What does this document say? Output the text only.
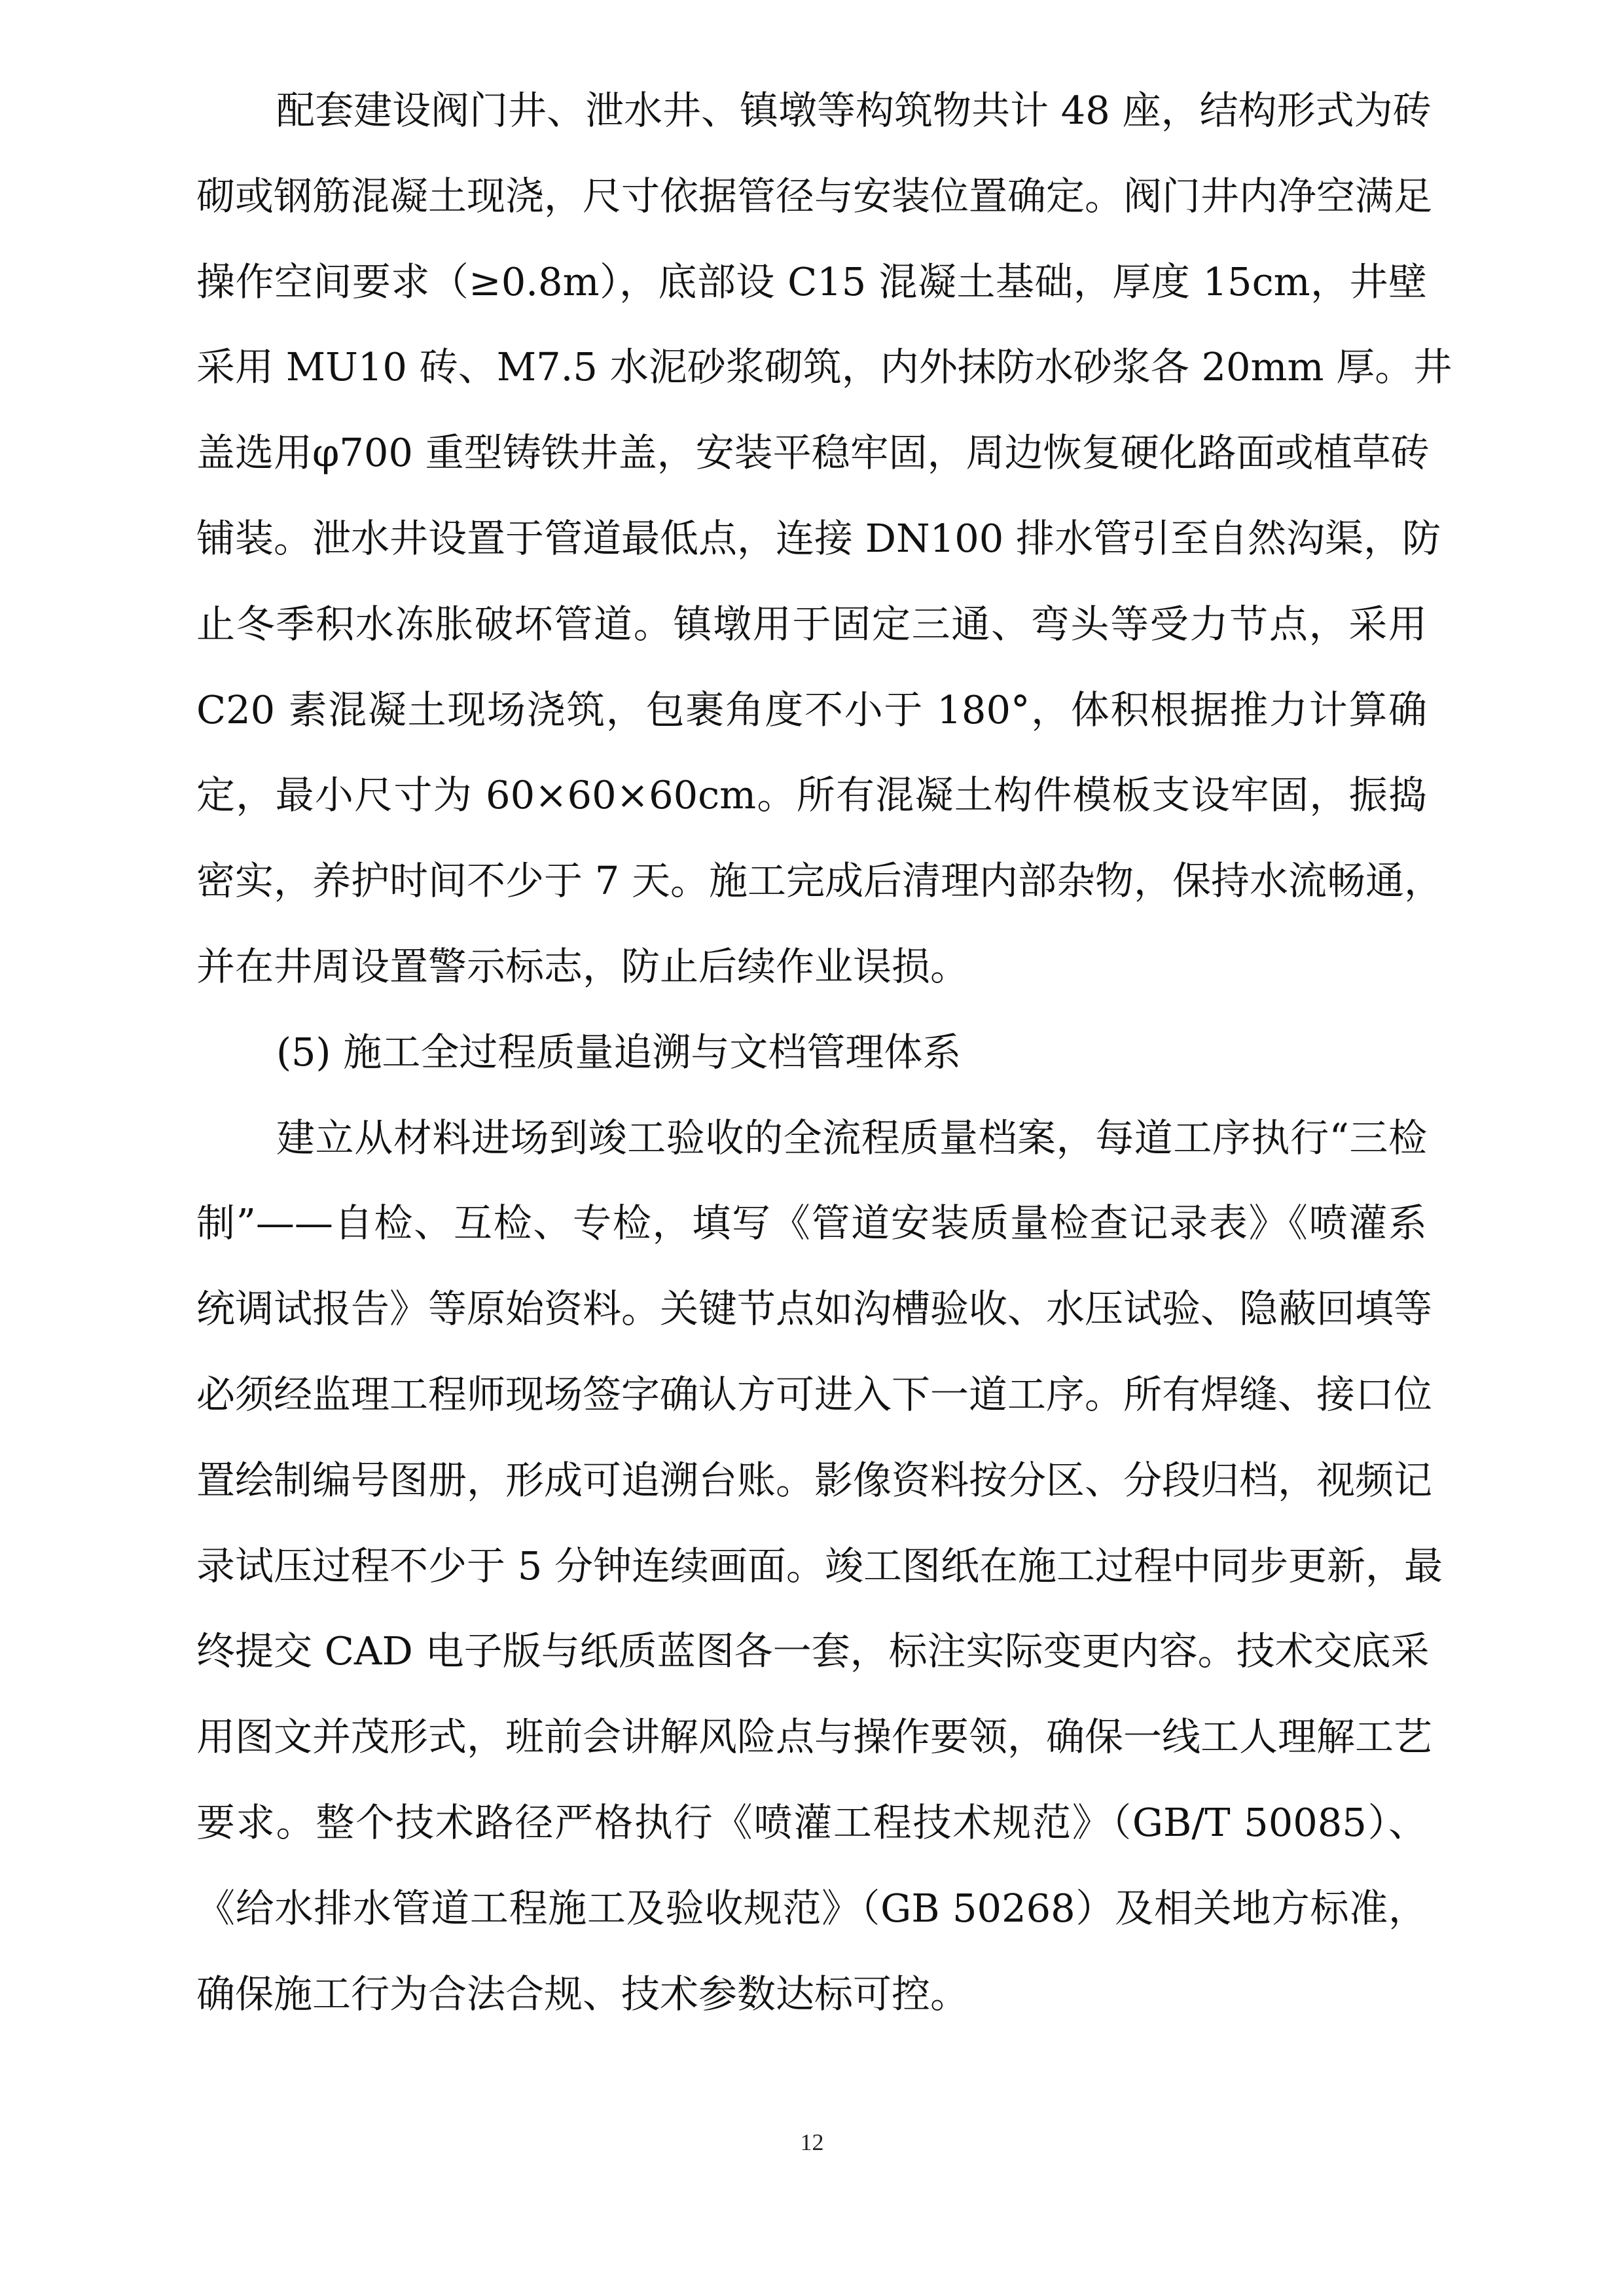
配套建设阀门井、泄水井、镇墩等构筑物共计 48 座，结构形式为砖
砌或钢筋混凝土现浇，尺寸依据管径与安装位置确定。阀门井内净空满足
操作空间要求（≥0.8m），底部设 C15 混凝土基础，厚度 15cm，井壁
采用 MU10 砖、M7.5 水泥砂浆砌筑，内外抹防水砂浆各 20mm 厚。井
盖选用φ700 重型铸铁井盖，安装平稳牢固，周边恢复硬化路面或植草砖
铺装。泄水井设置于管道最低点，连接 DN100 排水管引至自然沟渠，防
止冬季积水冻胀破坏管道。镇墩用于固定三通、弯头等受力节点，采用
C20 素混凝土现场浇筑，包裹角度不小于 180°，体积根据推力计算确
定，最小尺寸为 60×60×60cm。所有混凝土构件模板支设牢固，振捣
密实，养护时间不少于 7 天。施工完成后清理内部杂物，保持水流畅通，
并在井周设置警示标志，防止后续作业误损。
(5) 施工全过程质量追溯与文档管理体系
建立从材料进场到竣工验收的全流程质量档案，每道工序执行“三检
制”——自检、互检、专检，填写《管道安装质量检查记录表》《喷灌系
统调试报告》等原始资料。关键节点如沟槽验收、水压试验、隐蔽回填等
必须经监理工程师现场签字确认方可进入下一道工序。所有焊缝、接口位
置绘制编号图册，形成可追溯台账。影像资料按分区、分段归档，视频记
录试压过程不少于 5 分钟连续画面。竣工图纸在施工过程中同步更新，最
终提交 CAD 电子版与纸质蓝图各一套，标注实际变更内容。技术交底采
用图文并茂形式，班前会讲解风险点与操作要领，确保一线工人理解工艺
要求。整个技术路径严格执行《喷灌工程技术规范》（GB/T 50085）、
《给水排水管道工程施工及验收规范》（GB 50268）及相关地方标准，
确保施工行为合法合规、技术参数达标可控。
12
